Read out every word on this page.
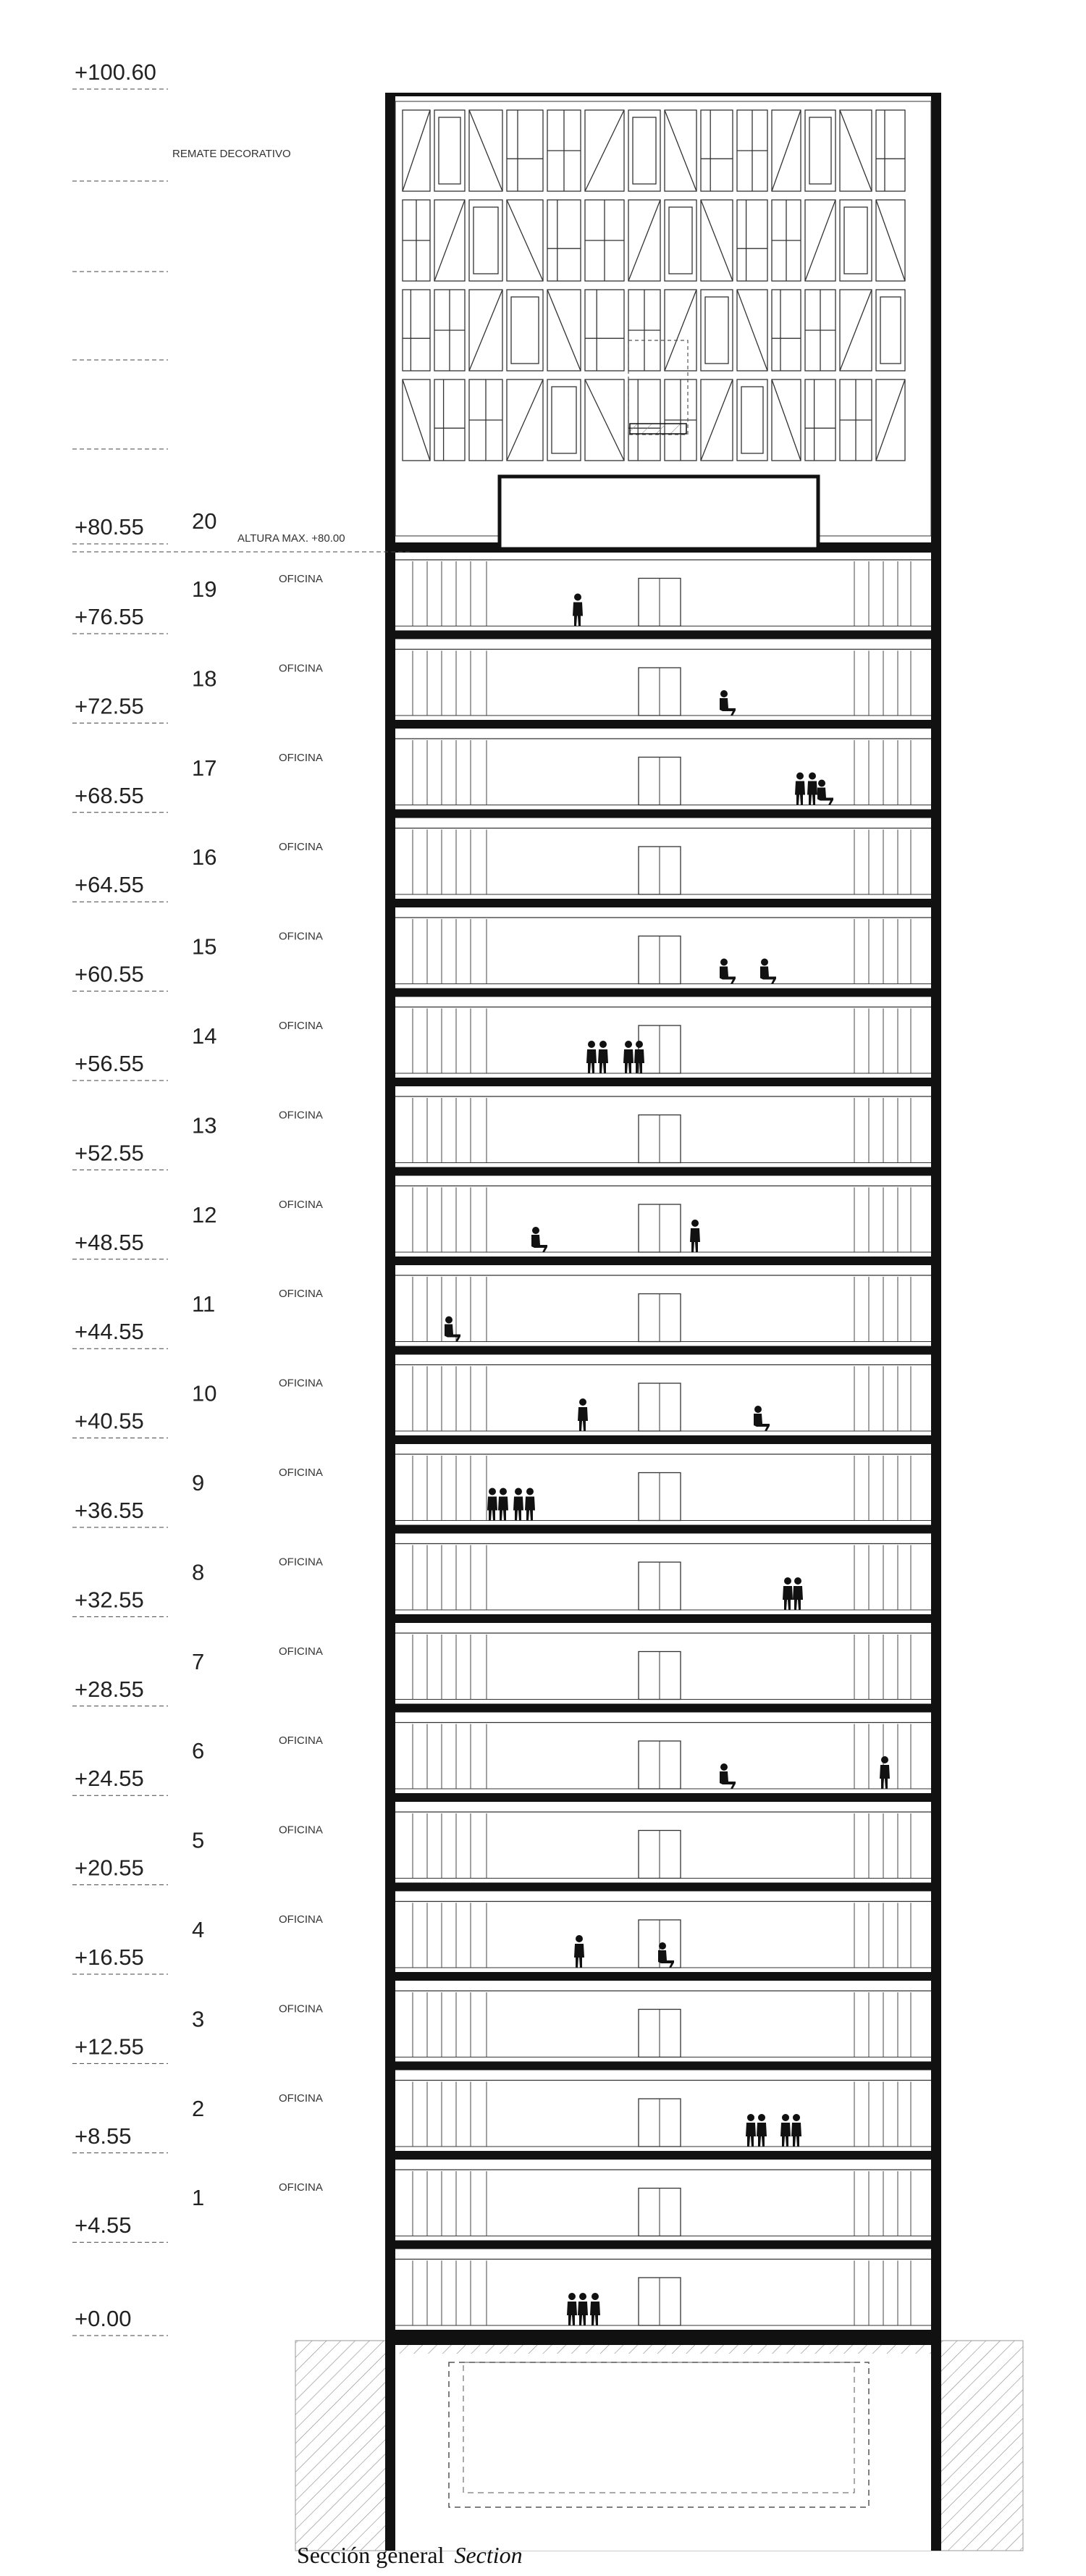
+100.60
+80.55 20
+76.55
19	OFICINA
+72.55
18	OFICINA
+68.55
17	OFICINA
+64.55
16	OFICINA
+60.55
15	OFICINA
+56.55
14	OFICINA
+52.55
13	OFICINA
+48.55
12	OFICINA
+44.55
11	OFICINA
+40.55
10	OFICINA
+36.55
9	OFICINA
+32.55
8	OFICINA
+28.55
7	OFICINA
+24.55
6	OFICINA
+20.55
5	OFICINA
+16.55
4	OFICINA
+12.55
3	OFICINA
+8.55
2	OFICINA
+4.55
1	OFICINA
+0.00
REMATE DECORATIVO
ALTURA MAX. +80.00
Sección general Section
